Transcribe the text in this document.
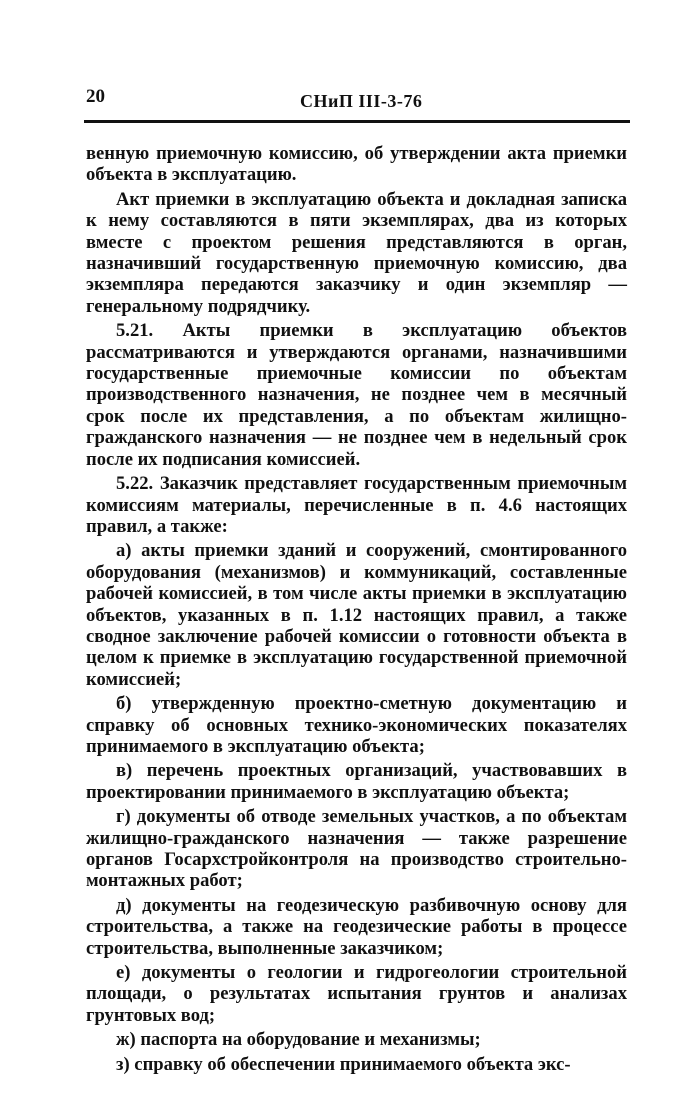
20	СНиП III-3-76

венную приемочную комиссию, об утверждении акта приемки объекта в эксплуатацию.

Акт приемки в эксплуатацию объекта и докладная записка к нему составляются в пяти экземплярах, два из которых вместе с проектом решения представляются в орган, назначивший государственную приемочную комиссию, два экземпляра передаются заказчику и один экземпляр — генеральному подрядчику.

5.21. Акты приемки в эксплуатацию объектов рассматриваются и утверждаются органами, назначившими государственные приемочные комиссии по объектам производственного назначения, не позднее чем в месячный срок после их представления, а по объектам жилищно-гражданского назначения — не позднее чем в недельный срок после их подписания комиссией.

5.22. Заказчик представляет государственным приемочным комиссиям материалы, перечисленные в п. 4.6 настоящих правил, а также:

а) акты приемки зданий и сооружений, смонтированного оборудования (механизмов) и коммуникаций, составленные рабочей комиссией, в том числе акты приемки в эксплуатацию объектов, указанных в п. 1.12 настоящих правил, а также сводное заключение рабочей комиссии о готовности объекта в целом к приемке в эксплуатацию государственной приемочной комиссией;

б) утвержденную проектно-сметную документацию и справку об основных технико-экономических показателях принимаемого в эксплуатацию объекта;

в) перечень проектных организаций, участвовавших в проектировании принимаемого в эксплуатацию объекта;

г) документы об отводе земельных участков, а по объектам жилищно-гражданского назначения — также разрешение органов Госархстройконтроля на производство строительно-монтажных работ;

д) документы на геодезическую разбивочную основу для строительства, а также на геодезические работы в процессе строительства, выполненные заказчиком;

е) документы о геологии и гидрогеологии строительной площади, о результатах испытания грунтов и анализах грунтовых вод;

ж) паспорта на оборудование и механизмы;

з) справку об обеспечении принимаемого объекта экс-
